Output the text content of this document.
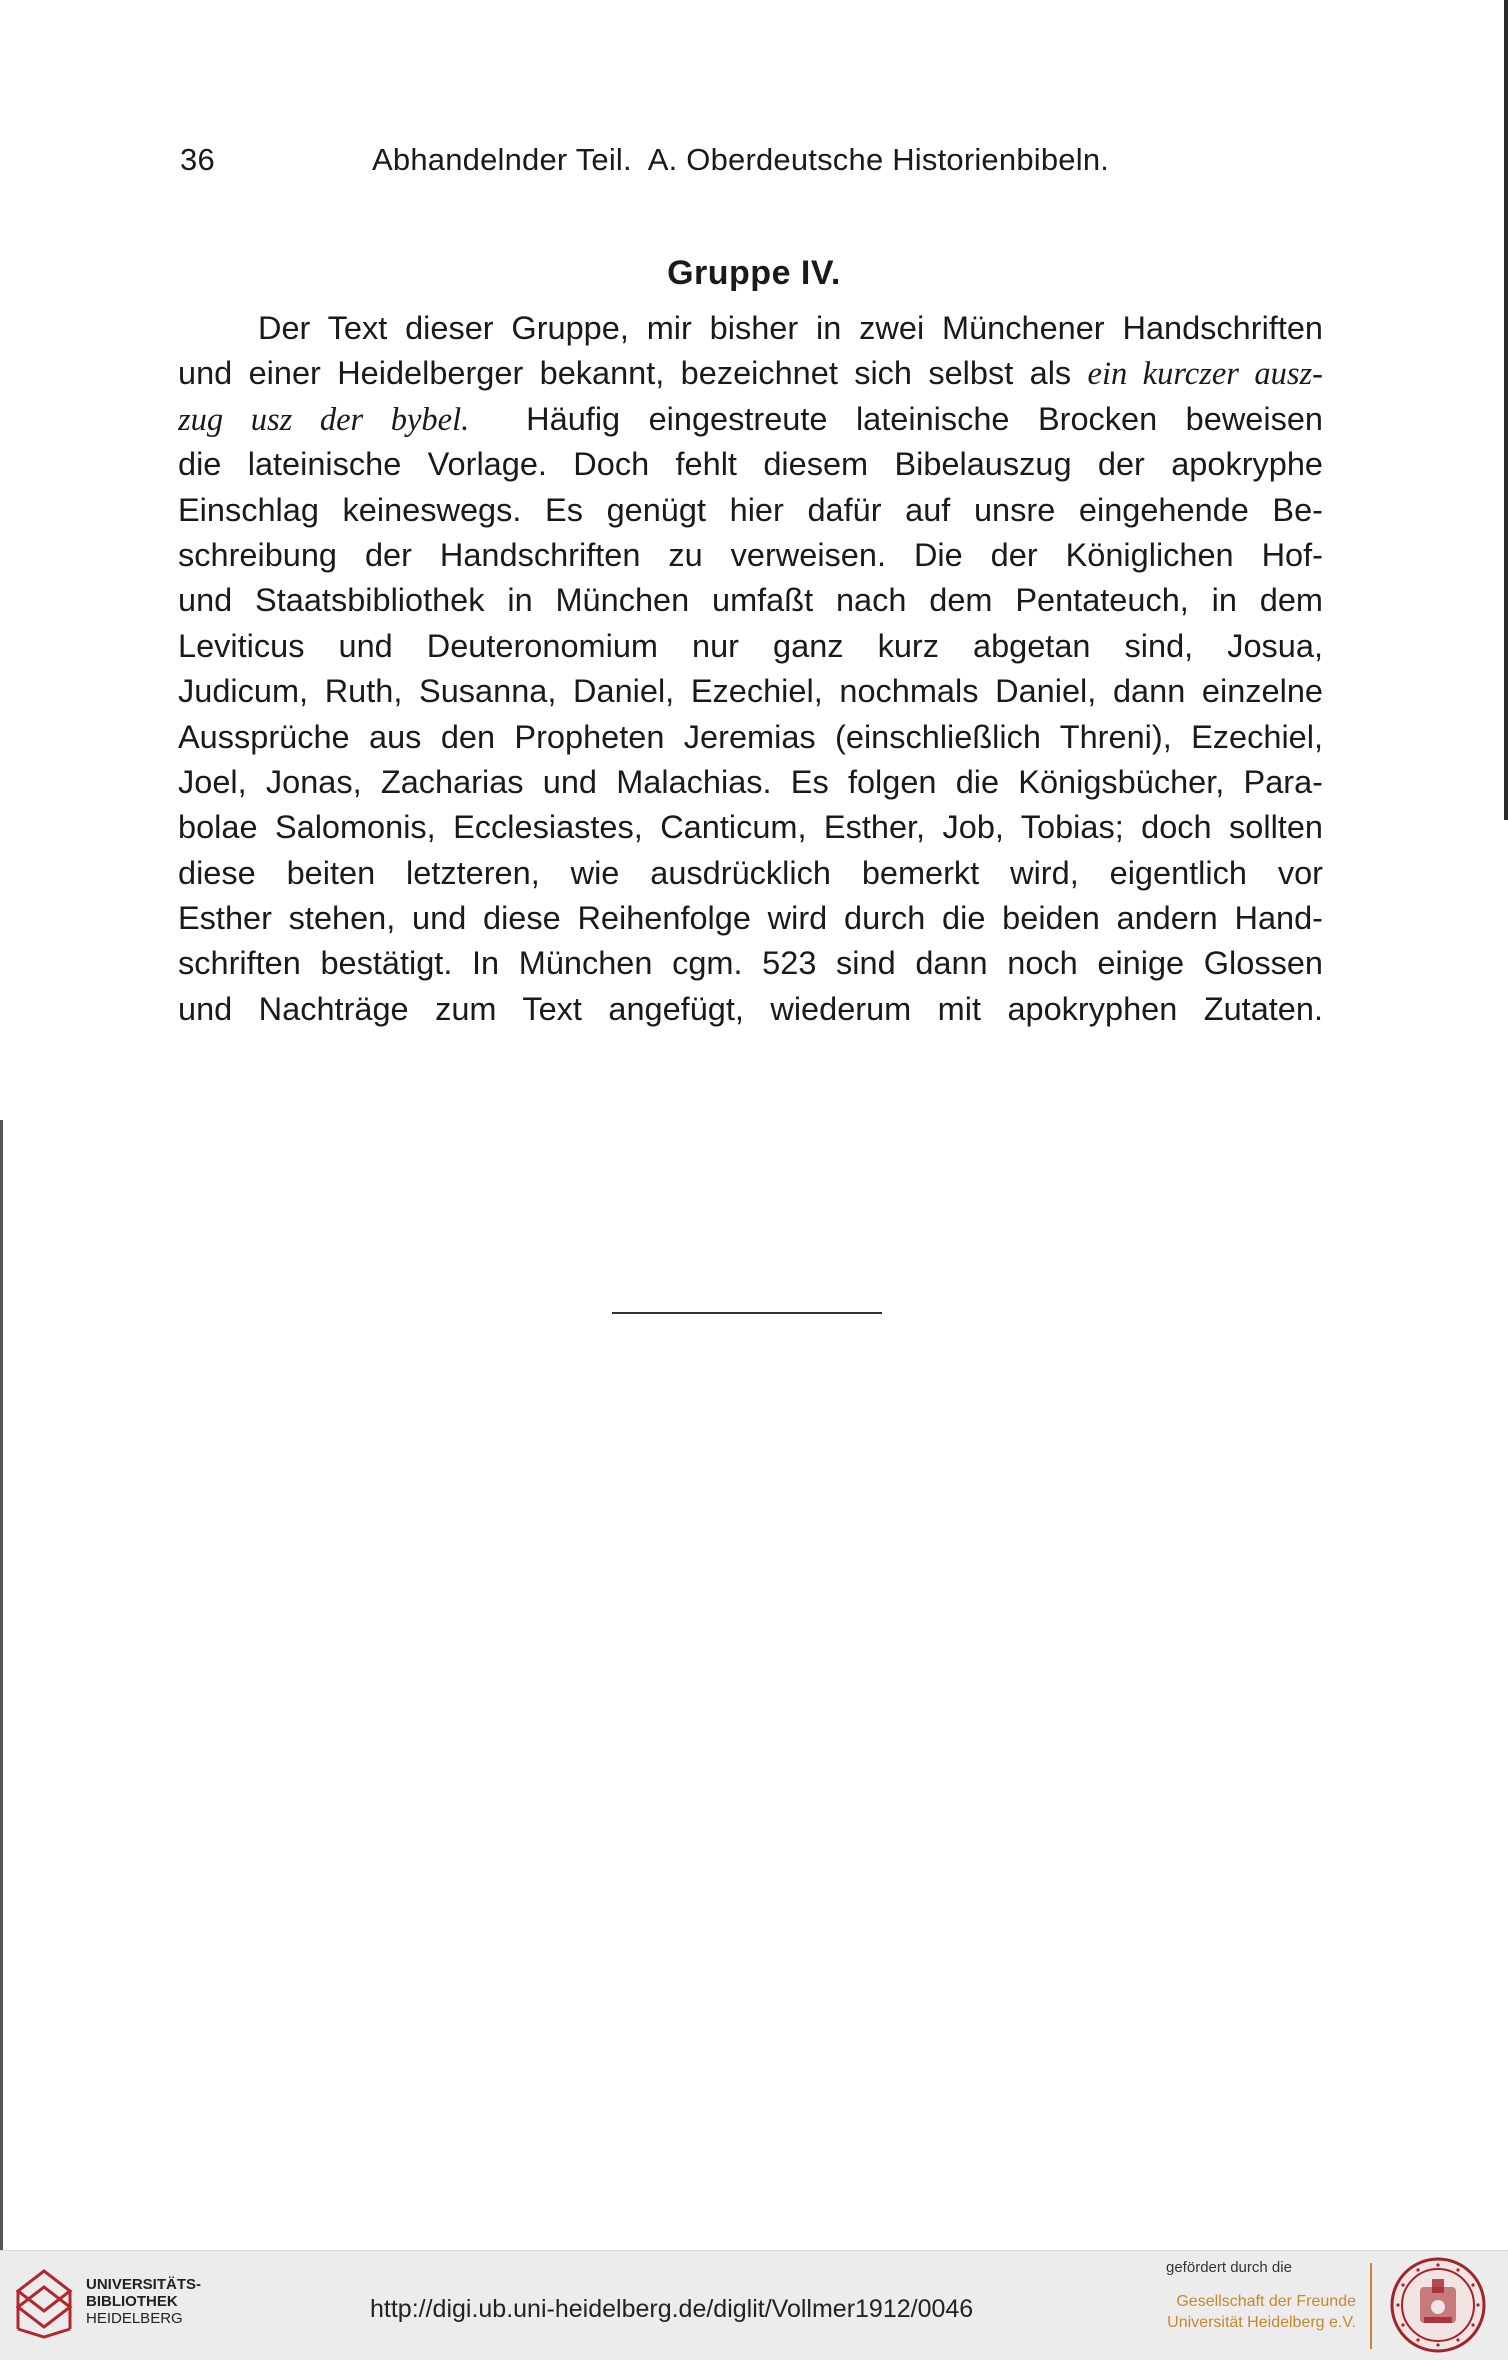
36	Abhandelnder Teil.  A. Oberdeutsche Historienbibeln.
Gruppe IV.
Der Text dieser Gruppe, mir bisher in zwei Münchener Handschriften
und einer Heidelberger bekannt, bezeichnet sich selbst als ein kurczer ausz-
zug usz der bybel.  Häufig eingestreute lateinische Brocken beweisen
die lateinische Vorlage. Doch fehlt diesem Bibelauszug der apokryphe
Einschlag keineswegs. Es genügt hier dafür auf unsre eingehende Be-
schreibung der Handschriften zu verweisen. Die der Königlichen Hof-
und Staatsbibliothek in München umfaßt nach dem Pentateuch, in dem
Leviticus und Deuteronomium nur ganz kurz abgetan sind, Josua,
Judicum, Ruth, Susanna, Daniel, Ezechiel, nochmals Daniel, dann einzelne
Aussprüche aus den Propheten Jeremias (einschließlich Threni), Ezechiel,
Joel, Jonas, Zacharias und Malachias. Es folgen die Königsbücher, Para-
bolae Salomonis, Ecclesiastes, Canticum, Esther, Job, Tobias; doch sollten
diese beiten letzteren, wie ausdrücklich bemerkt wird, eigentlich vor
Esther stehen, und diese Reihenfolge wird durch die beiden andern Hand-
schriften bestätigt. In München cgm. 523 sind dann noch einige Glossen
und Nachträge zum Text angefügt, wiederum mit apokryphen Zutaten.
UNIVERSITÄTS-
BIBLIOTHEK
HEIDELBERG	http://digi.ub.uni-heidelberg.de/diglit/Vollmer1912/0046
gefördert durch die
Gesellschaft der Freunde
Universität Heidelberg e.V.
